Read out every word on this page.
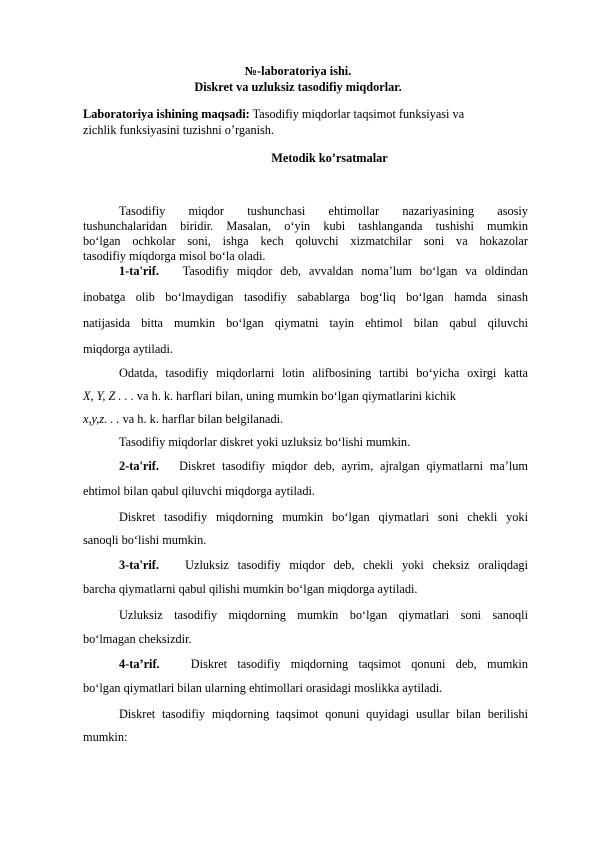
№-laboratoriya ishi.
Diskret va uzluksiz tasodifiy miqdorlar.
Laboratoriya ishining maqsadi: Tasodifiy miqdorlar taqsimot funksiyasi va
zichlik funksiyasini tuzishni o’rganish.
Metodik ko’rsatmalar
Tasodifiy miqdor tushunchasi ehtimollar nazariyasining asosiy
tushunchalaridan biridir. Masalan, o‘yin kubi tashlanganda tushishi mumkin
bo‘lgan ochkolar soni, ishga kech qoluvchi xizmatchilar soni va hokazolar
tasodifiy miqdorga misol bo‘la oladi.
1-ta'rif. Tasodifiy miqdor deb, avvaldan noma’lum bo‘lgan va oldindan
inobatga olib bo‘lmaydigan tasodifiy sabablarga bog‘liq bo‘lgan hamda sinash
natijasida bitta mumkin bo‘lgan qiymatni tayin ehtimol bilan qabul qiluvchi
miqdorga aytiladi.
Odatda, tasodifiy miqdorlarni lotin alifbosining tartibi bo‘yicha oxirgi katta
X, Y, Z . . . va h. k. harflari bilan, uning mumkin bo‘lgan qiymatlarini kichik
x,y,z. . . va h. k. harflar bilan belgilanadi.
Tasodifiy miqdorlar diskret yoki uzluksiz bo‘lishi mumkin.
2-ta'rif. Diskret tasodifiy miqdor deb, ayrim, ajralgan qiymatlarni ma’lum
ehtimol bilan qabul qiluvchi miqdorga aytiladi.
Diskret tasodifiy miqdorning mumkin bo‘lgan qiymatlari soni chekli yoki
sanoqli bo‘lishi mumkin.
3-ta'rif. Uzluksiz tasodifiy miqdor deb, chekli yoki cheksiz oraliqdagi
barcha qiymatlarni qabul qilishi mumkin bo‘lgan miqdorga aytiladi.
Uzluksiz tasodifiy miqdorning mumkin bo‘lgan qiymatlari soni sanoqli
bo‘lmagan cheksizdir.
4-ta’rif.	Diskret tasodifiy miqdorning taqsimot qonuni deb, mumkin
bo‘lgan qiymatlari bilan ularning ehtimollari orasidagi moslikka aytiladi.
Diskret tasodifiy miqdorning taqsimot qonuni quyidagi usullar bilan berilishi
mumkin:
